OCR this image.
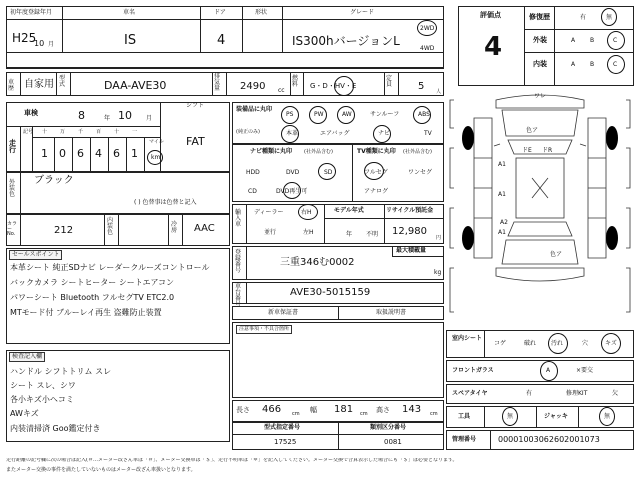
初年度登録年月	車名	ドア	形状	グレード
H25
10 月	IS	4	IS300hバージョンL
2WD
4WD
車歴 自家用
型式	DAA-AVE30
排気量	2490 cc
燃料	G・D・HV・E
定員	5 人
車検	8	年 10 月
シフト
FAT
走行
記号 十	万	千	百	十	一
1 0 6 4 6 1
マイル
km
外装色
ブラック
( ) 色替事は色替と記入
カラーNo.	212
内装色
冷房	AAC
セールスポイント
本革シート 純正SDナビ レーダークルーズコントロール
バックカメラ シートヒーター シートエアコン
パワーシート Bluetooth フルセグTV ETC2.0
MTモード付 ブルーレイ再生 盗難防止装置
検査記入欄
ハンドル シフトトリム スレ
シート スレ、シワ
各小キズ小ヘコミ
AWキズ
内装清掃済 Goo鑑定付き
装備品に丸印
(純正のみ)
PS	PW	AW	サンルーフ	ABS
本革	エアバッグ	ナビ	TV
ナビ種類に丸印 (社外品含む)	TV種類に丸印 (社外品含む)
HDD	DVD	SD
CD	DVD再生可
フルセグ	ワンセグ
アナログ
輸入車
ディーラー	右H
並行	左H
モデル年式
年 不明
リサイクル預託金
12,980
円
登録番号
三重346む0002
最大積載量
kg
車台番号
AVE30-5015159
新車保証書	取扱説明書
注意事項・不具合箇所
長さ 466 cm 幅 181 cm 高さ 143 cm
型式指定番号
17525
類別区分番号
0081
評価点
4
修復歴	有	無
外装	A B	C
内装	A B	C
ワレ
色ア
A1
A1
A1
A2
ドE ドR
色ア
室内シート
コゲ	破れ 汚れ	穴	キズ
フロントガラス	A	×要交
スペアタイヤ	有	修理KIT	欠
工具	無	ジャッキ	無
管理番号	00001003062602001073
走行距離の記号欄に次の場合は記入(＃…メーター改ざん車は「＃」、メーター交換車は「＄」、走行不明車は「＊」を記入してください。メーター交換で合算表示した場合にも「＄」は必要となります。
またメーター交換の事件を満たしていないものはメーター改ざん車扱いとなります。
